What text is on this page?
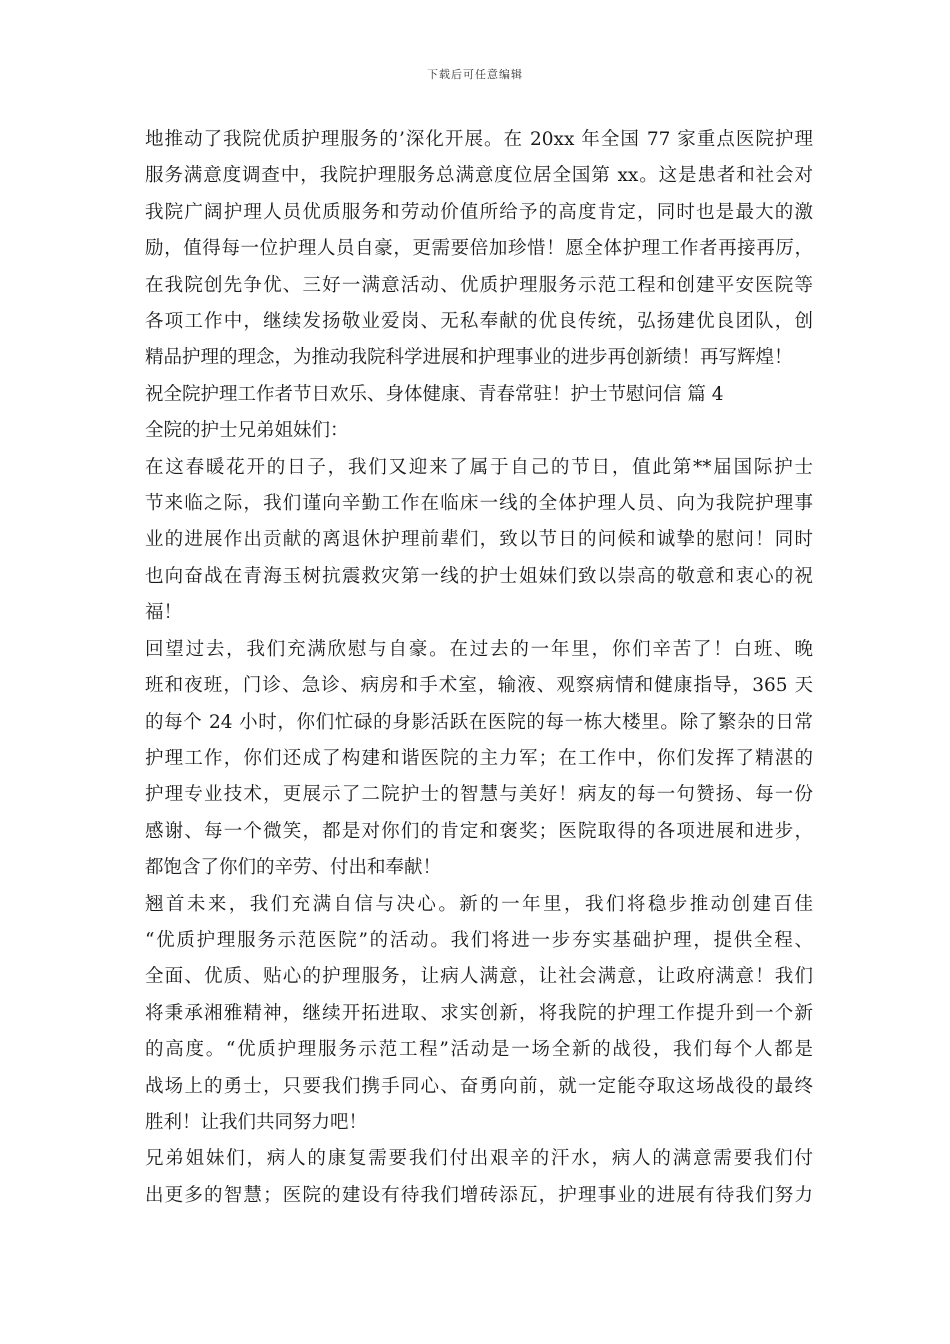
下载后可任意编辑
地推动了我院优质护理服务的’深化开展。在 20xx 年全国 77 家重点医院护理
服务满意度调查中，我院护理服务总满意度位居全国第 xx。这是患者和社会对
我院广阔护理人员优质服务和劳动价值所给予的高度肯定，同时也是最大的激
励，值得每一位护理人员自豪，更需要倍加珍惜！愿全体护理工作者再接再厉，
在我院创先争优、三好一满意活动、优质护理服务示范工程和创建平安医院等
各项工作中，继续发扬敬业爱岗、无私奉献的优良传统，弘扬建优良团队，创
精品护理的理念，为推动我院科学进展和护理事业的进步再创新绩！再写辉煌！
祝全院护理工作者节日欢乐、身体健康、青春常驻！护士节慰问信 篇 4
全院的护士兄弟姐妹们：
在这春暖花开的日子，我们又迎来了属于自己的节日，值此第**届国际护士
节来临之际，我们谨向辛勤工作在临床一线的全体护理人员、向为我院护理事
业的进展作出贡献的离退休护理前辈们，致以节日的问候和诚挚的慰问！同时
也向奋战在青海玉树抗震救灾第一线的护士姐妹们致以崇高的敬意和衷心的祝
福！
回望过去，我们充满欣慰与自豪。在过去的一年里，你们辛苦了！白班、晚
班和夜班，门诊、急诊、病房和手术室，输液、观察病情和健康指导，365 天
的每个 24 小时，你们忙碌的身影活跃在医院的每一栋大楼里。除了繁杂的日常
护理工作，你们还成了构建和谐医院的主力军；在工作中，你们发挥了精湛的
护理专业技术，更展示了二院护士的智慧与美好！病友的每一句赞扬、每一份
感谢、每一个微笑，都是对你们的肯定和褒奖；医院取得的各项进展和进步，
都饱含了你们的辛劳、付出和奉献！
翘首未来，我们充满自信与决心。新的一年里，我们将稳步推动创建百佳
“优质护理服务示范医院”的活动。我们将进一步夯实基础护理，提供全程、
全面、优质、贴心的护理服务，让病人满意，让社会满意，让政府满意！我们
将秉承湘雅精神，继续开拓进取、求实创新，将我院的护理工作提升到一个新
的高度。“优质护理服务示范工程”活动是一场全新的战役，我们每个人都是
战场上的勇士，只要我们携手同心、奋勇向前，就一定能夺取这场战役的最终
胜利！让我们共同努力吧！
兄弟姐妹们，病人的康复需要我们付出艰辛的汗水，病人的满意需要我们付
出更多的智慧；医院的建设有待我们增砖添瓦，护理事业的进展有待我们努力
